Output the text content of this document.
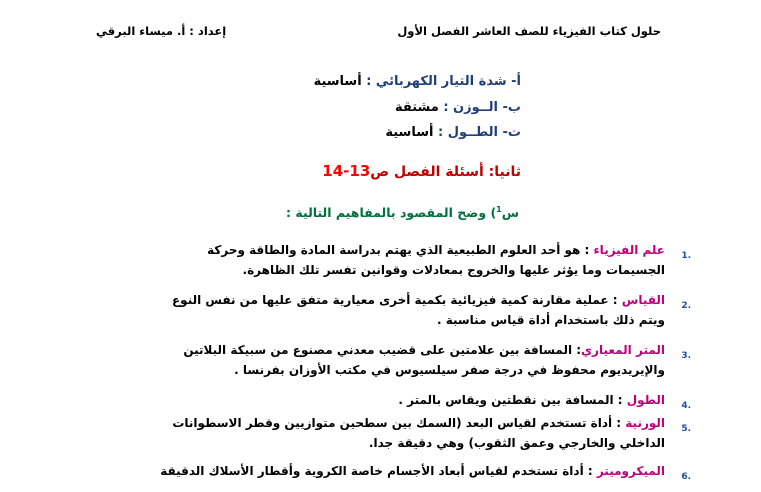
حلول كتاب الفيزياء للصف العاشر الفصل الأول
إعداد : أ. ميساء البرقي
أ- شدة التيار الكهربائي : أساسية
ب- الــوزن : مشتقة
ت- الطــول : أساسية
ثانيا: أسئلة الفصل ص13-14
س$^1$) وضح المقصود بالمفاهيم التالية :
.1
علم الفيزياء : هو أحد العلوم الطبيعية الذي يهتم بدراسة المادة والطاقة وحركة
الجسيمات وما يؤثر عليها والخروج بمعادلات وقوانين تفسر تلك الظاهرة.
.2
القياس : عملية مقارنة كمية فيزيائية بكمية أخرى معيارية متفق عليها من نفس النوع
ويتم ذلك باستخدام أداة قياس مناسبة .
.3
المتر المعياري: المسافة بين علامتين على قضيب معدني مصنوع من سبيكة البلاتين
والإيريديوم محفوظ في درجة صفر سيلسيوس في مكتب الأوزان بفرنسا .
.4
الطول : المسافة بين نقطتين ويقاس بالمتر .
.5
الورنية : أداة تستخدم لقياس البعد (السمك بين سطحين متوازيين وقطر الاسطوانات
الداخلي والخارجي وعمق الثقوب) وهي دقيقة جدا.
.6
الميكروميتر : أداة تستخدم لقياس أبعاد الأجسام خاصة الكروية وأقطار الأسلاك الدقيقة
